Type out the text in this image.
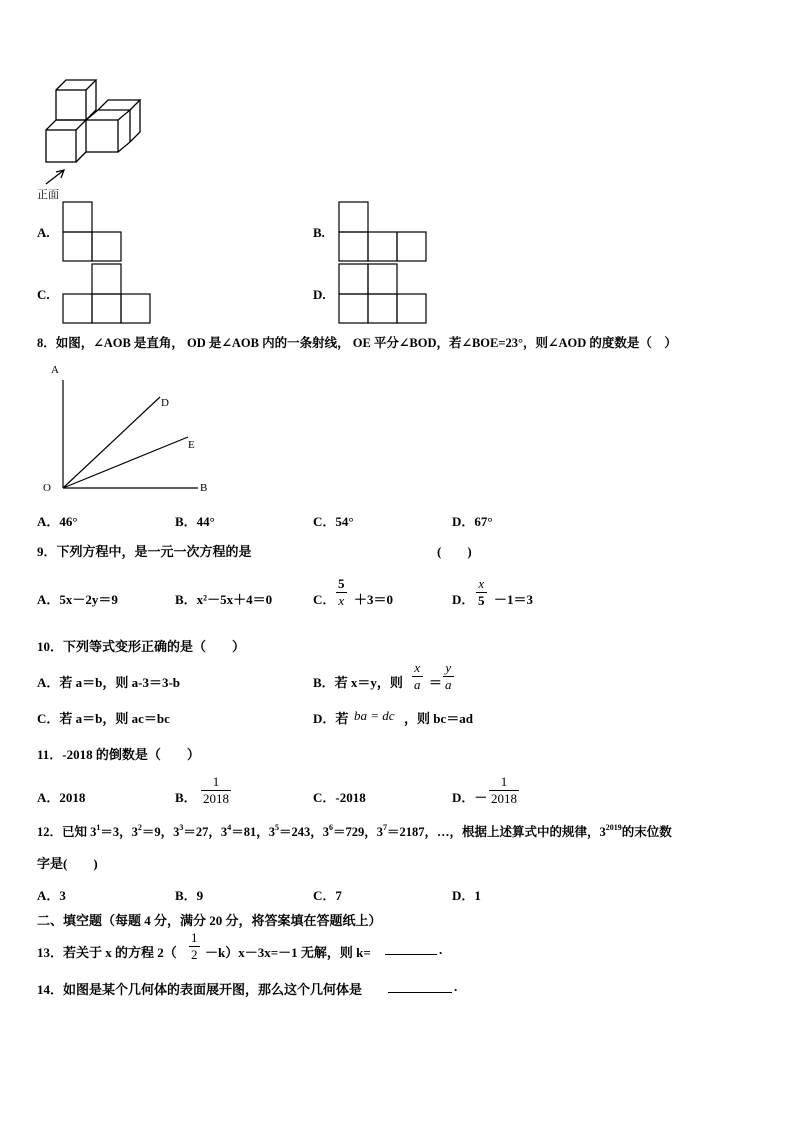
正面
A.	B.
C.	D.
8．如图，∠AOB 是直角， OD 是∠AOB 内的一条射线， OE 平分∠BOD，若∠BOE=23°，则∠AOD 的度数是（　）
A
D
E
O	B
A．46°	B．44°	C．54°	D．67°
9．下列方程中，是一元一次方程的是	(　　)
A．5x－2y＝9	B．x²－5x＋4＝0	C． $\frac{5}{x} +3=0$	D． $\frac{x}{5} -1=3$
10．下列等式变形正确的是（　　）
A．若 a＝b，则 a-3＝3-b	B．若 x＝y，则 $\frac{x}{a} = \frac{y}{a}$
C．若 a＝b，则 ac＝bc	D．若 ba = dc ，则 bc＝ad
11．-2018 的倒数是（　　）
A．2018	B． $\frac{1}{2018}$	C．-2018	D．－ $\frac{1}{2018}$
12．已知 $3^1=3$，$3^2=9$，$3^3=27$，$3^4=81$，$3^5=243$，$3^6=729$，$3^7=2187$，…，根据上述算式中的规律，$3^{2019}$的末位数
字是(　　)
A．3	B．9	C．7	D．1
二、填空题（每题 4 分，满分 20 分，将答案填在答题纸上）
13．若关于 x 的方程 $2( \frac{1}{2} -k)x-3x=-1$ 无解，则 k=	.
14．如图是某个几何体的表面展开图，那么这个几何体是	.
